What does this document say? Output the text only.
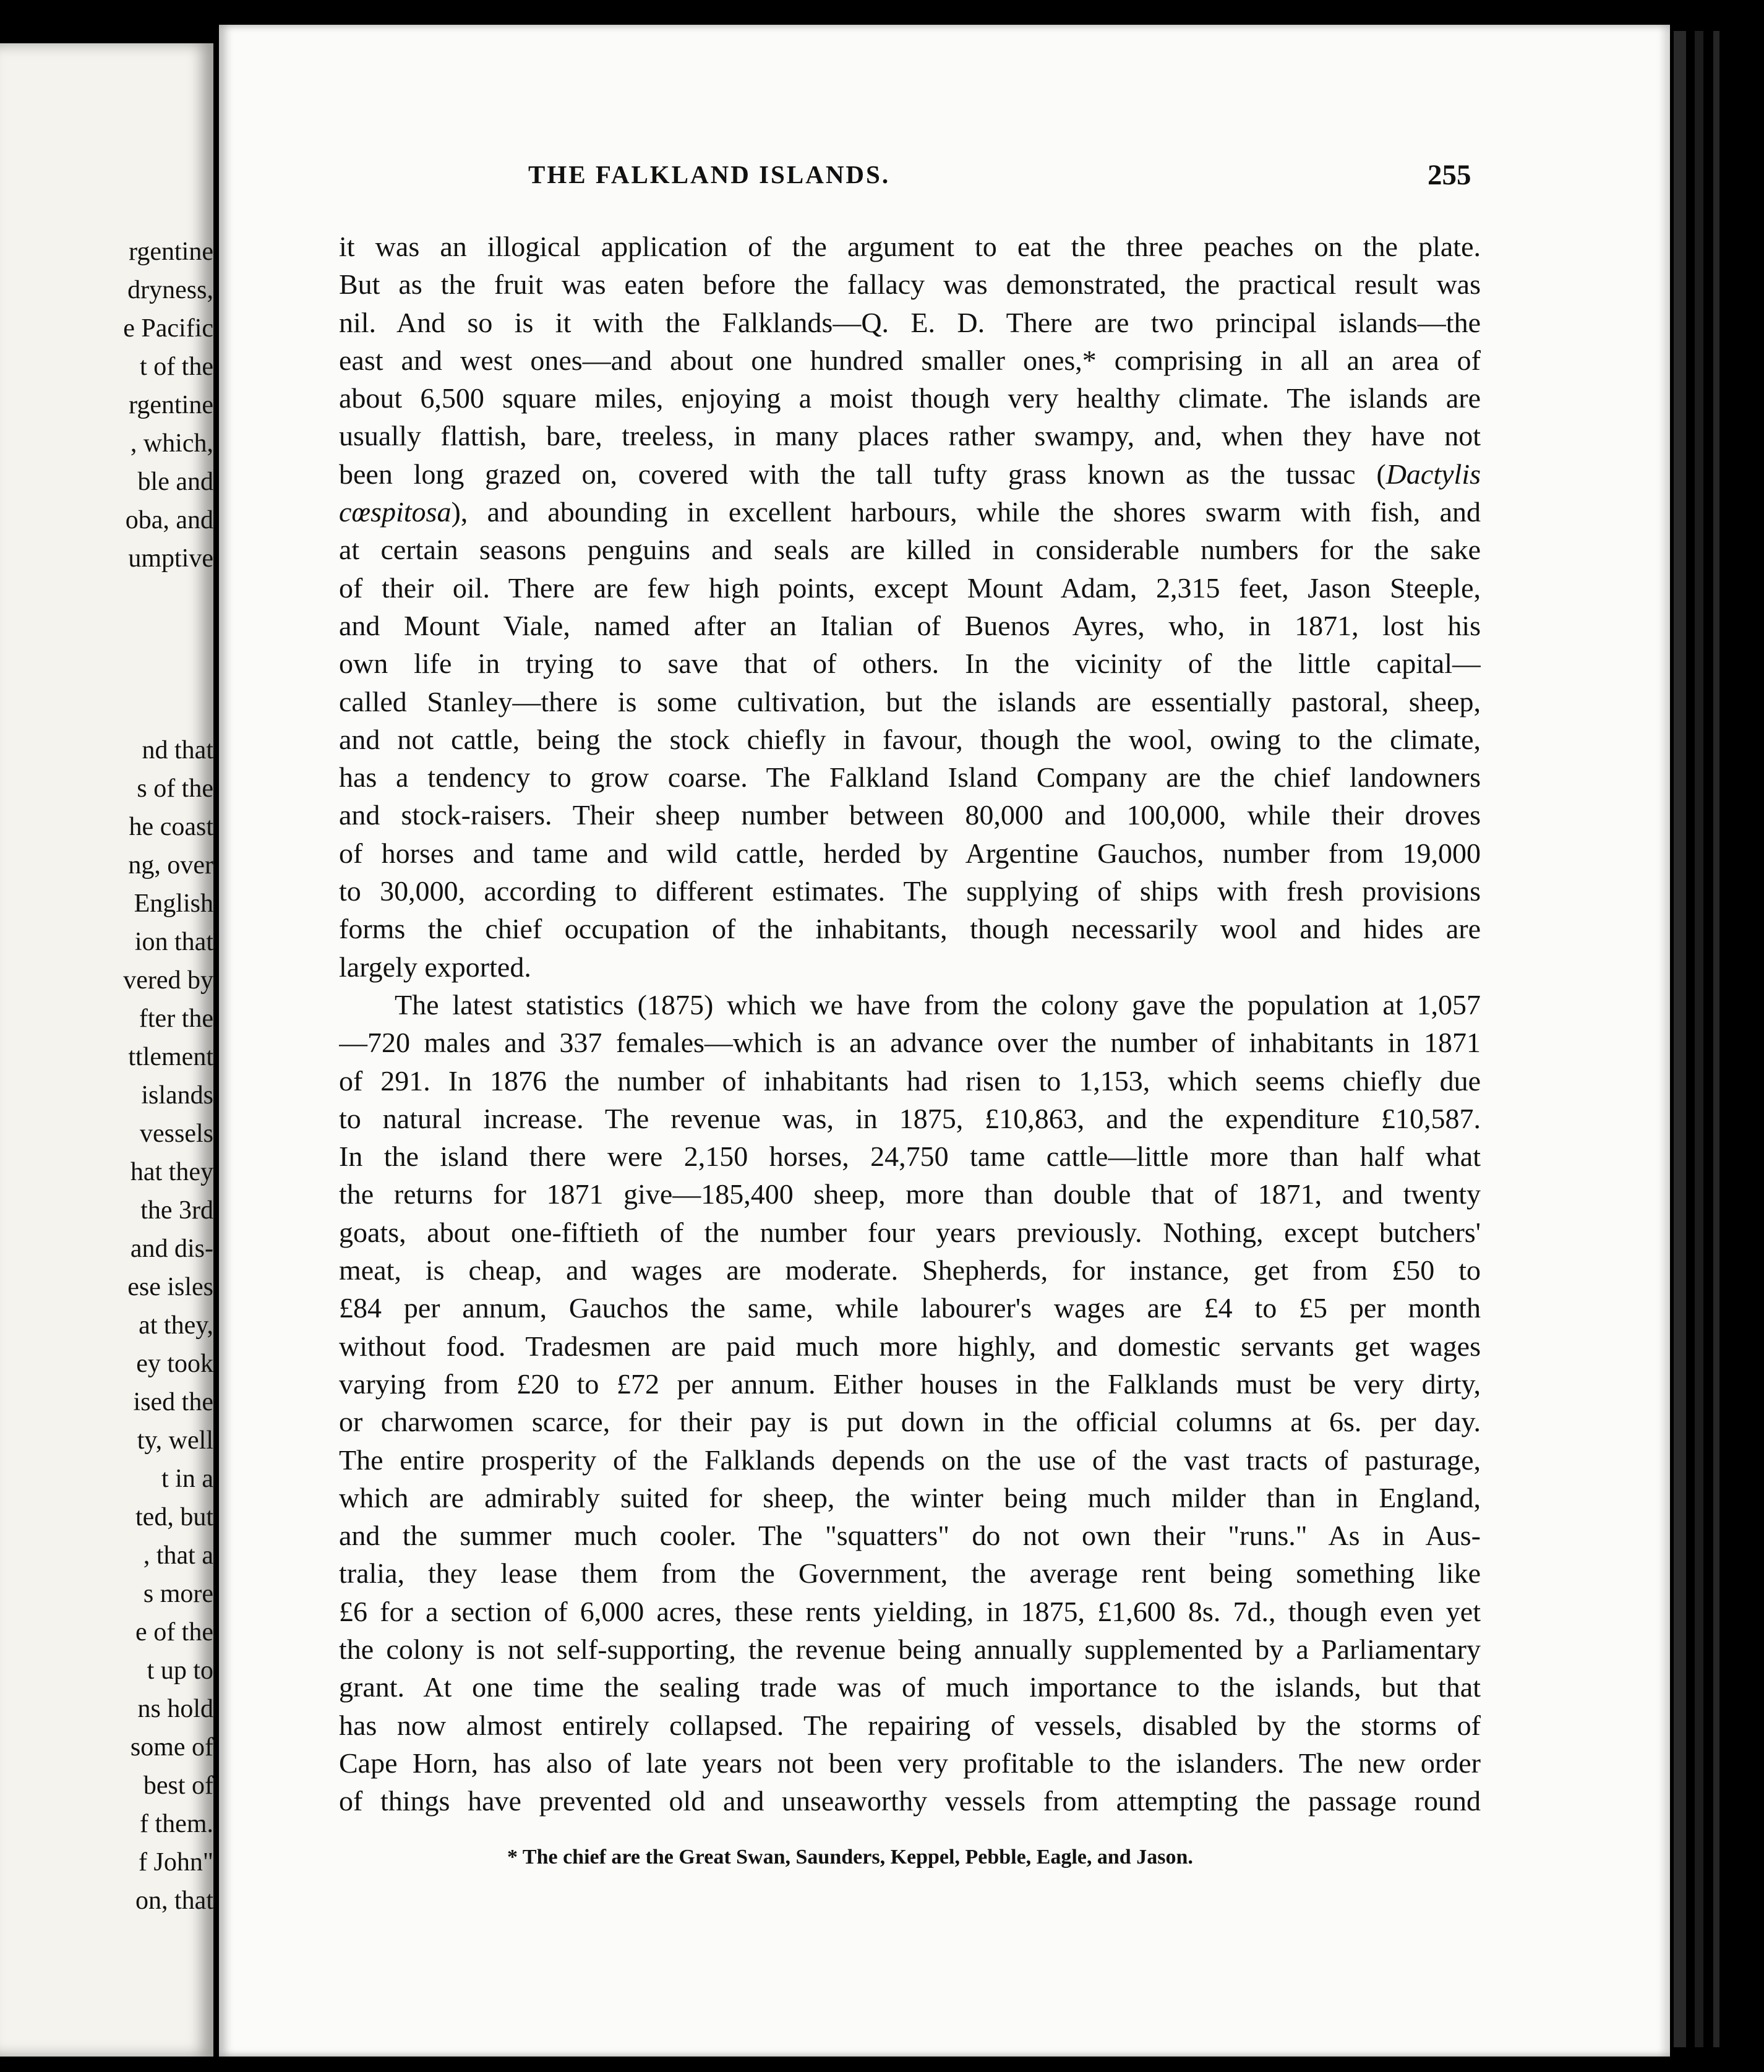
rgentine
dryness,
e Pacific
t of the
rgentine
, which,
ble and
oba, and
umptive
nd that
s of the
he coast
ng, over
English
ion that
vered by
fter the
ttlement
islands
vessels
hat they
the 3rd
and dis-
ese isles
at they,
ey took
ised the
ty, well
t in a
ted, but
, that a
s more
e of the
t up to
ns hold
some of
best of
f them.
f John"
on, that
THE FALKLAND ISLANDS.	255
it was an illogical application of the argument to eat the three peaches on the plate.
But as the fruit was eaten before the fallacy was demonstrated, the practical result was
nil. And so is it with the Falklands—Q. E. D. There are two principal islands—the
east and west ones—and about one hundred smaller ones,* comprising in all an area of
about 6,500 square miles, enjoying a moist though very healthy climate. The islands are
usually flattish, bare, treeless, in many places rather swampy, and, when they have not
been long grazed on, covered with the tall tufty grass known as the tussac (Dactylis
cœspitosa), and abounding in excellent harbours, while the shores swarm with fish, and
at certain seasons penguins and seals are killed in considerable numbers for the sake
of their oil. There are few high points, except Mount Adam, 2,315 feet, Jason Steeple,
and Mount Viale, named after an Italian of Buenos Ayres, who, in 1871, lost his
own life in trying to save that of others. In the vicinity of the little capital—
called Stanley—there is some cultivation, but the islands are essentially pastoral, sheep,
and not cattle, being the stock chiefly in favour, though the wool, owing to the climate,
has a tendency to grow coarse. The Falkland Island Company are the chief landowners
and stock-raisers. Their sheep number between 80,000 and 100,000, while their droves
of horses and tame and wild cattle, herded by Argentine Gauchos, number from 19,000
to 30,000, according to different estimates. The supplying of ships with fresh provisions
forms the chief occupation of the inhabitants, though necessarily wool and hides are
largely exported.
The latest statistics (1875) which we have from the colony gave the population at 1,057
—720 males and 337 females—which is an advance over the number of inhabitants in 1871
of 291. In 1876 the number of inhabitants had risen to 1,153, which seems chiefly due
to natural increase. The revenue was, in 1875, £10,863, and the expenditure £10,587.
In the island there were 2,150 horses, 24,750 tame cattle—little more than half what
the returns for 1871 give—185,400 sheep, more than double that of 1871, and twenty
goats, about one-fiftieth of the number four years previously. Nothing, except butchers'
meat, is cheap, and wages are moderate. Shepherds, for instance, get from £50 to
£84 per annum, Gauchos the same, while labourer's wages are £4 to £5 per month
without food. Tradesmen are paid much more highly, and domestic servants get wages
varying from £20 to £72 per annum. Either houses in the Falklands must be very dirty,
or charwomen scarce, for their pay is put down in the official columns at 6s. per day.
The entire prosperity of the Falklands depends on the use of the vast tracts of pasturage,
which are admirably suited for sheep, the winter being much milder than in England,
and the summer much cooler. The "squatters" do not own their "runs." As in Aus-
tralia, they lease them from the Government, the average rent being something like
£6 for a section of 6,000 acres, these rents yielding, in 1875, £1,600 8s. 7d., though even yet
the colony is not self-supporting, the revenue being annually supplemented by a Parliamentary
grant. At one time the sealing trade was of much importance to the islands, but that
has now almost entirely collapsed. The repairing of vessels, disabled by the storms of
Cape Horn, has also of late years not been very profitable to the islanders. The new order
of things have prevented old and unseaworthy vessels from attempting the passage round
* The chief are the Great Swan, Saunders, Keppel, Pebble, Eagle, and Jason.
